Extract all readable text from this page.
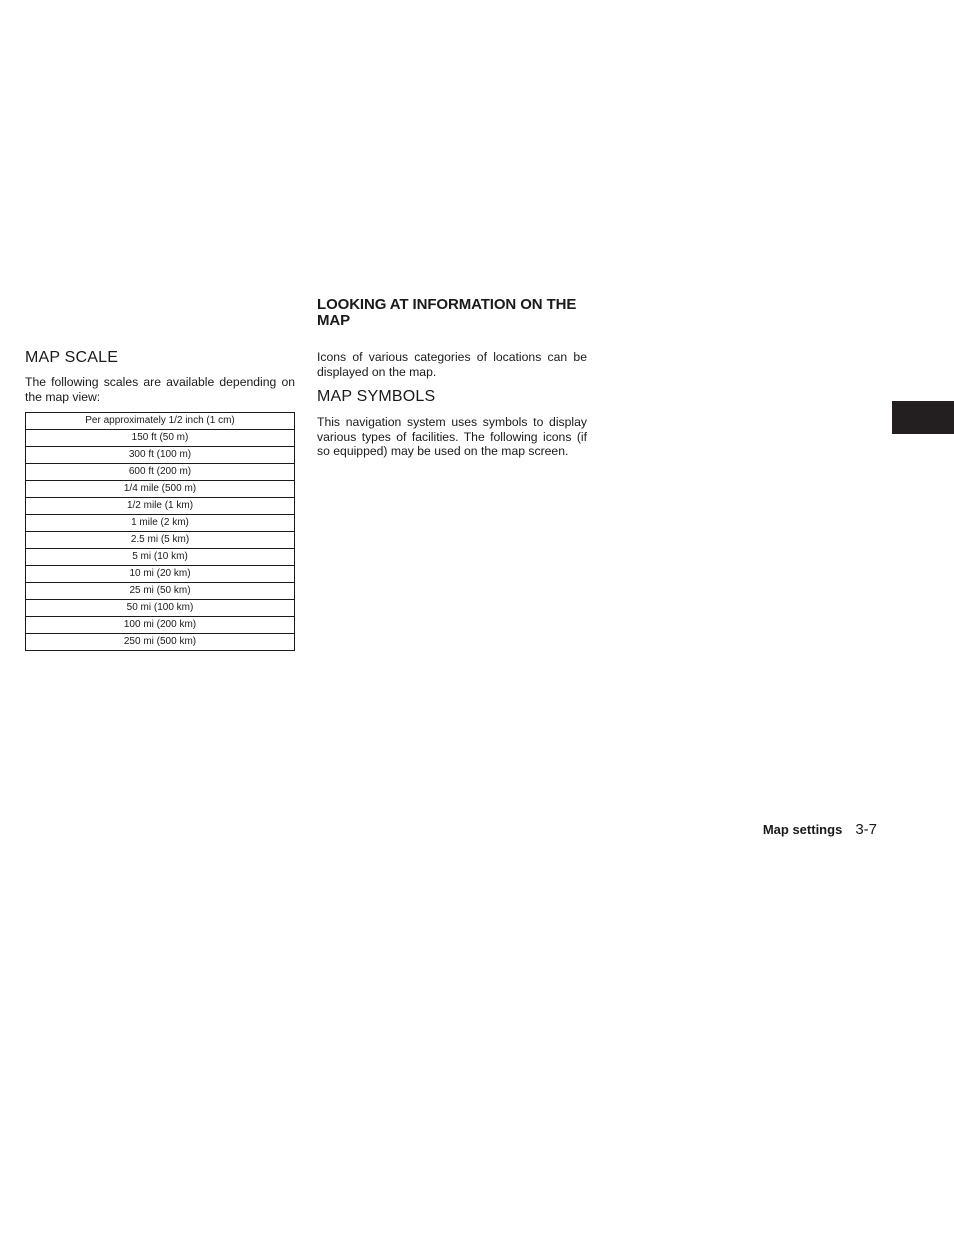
MAP SCALE

The following scales are available depending on the map view:

Per approximately 1/2 inch (1 cm)
150 ft (50 m)
300 ft (100 m)
600 ft (200 m)
1/4 mile (500 m)
1/2 mile (1 km)
1 mile (2 km)
2.5 mi (5 km)
5 mi (10 km)
10 mi (20 km)
25 mi (50 km)
50 mi (100 km)
100 mi (200 km)
250 mi (500 km)
LOOKING AT INFORMATION ON THE MAP

Icons of various categories of locations can be displayed on the map.

MAP SYMBOLS

This navigation system uses symbols to display various types of facilities. The following icons (if so equipped) may be used on the map screen.

Map settings 3-7
